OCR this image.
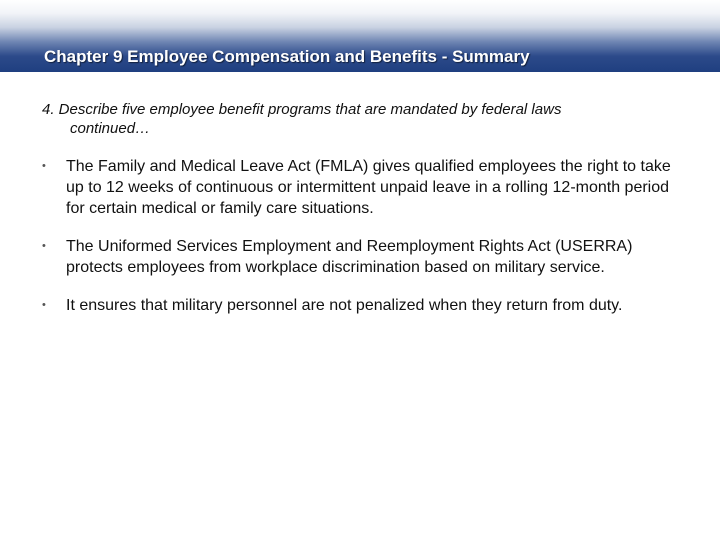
Chapter 9 Employee Compensation and Benefits - Summary

4. Describe five employee benefit programs that are mandated by federal laws
continued…

• The Family and Medical Leave Act (FMLA) gives qualified employees the right to take up to 12 weeks of continuous or intermittent unpaid leave in a rolling 12-month period for certain medical or family care situations.
• The Uniformed Services Employment and Reemployment Rights Act (USERRA) protects employees from workplace discrimination based on military service.
• It ensures that military personnel are not penalized when they return from duty.
